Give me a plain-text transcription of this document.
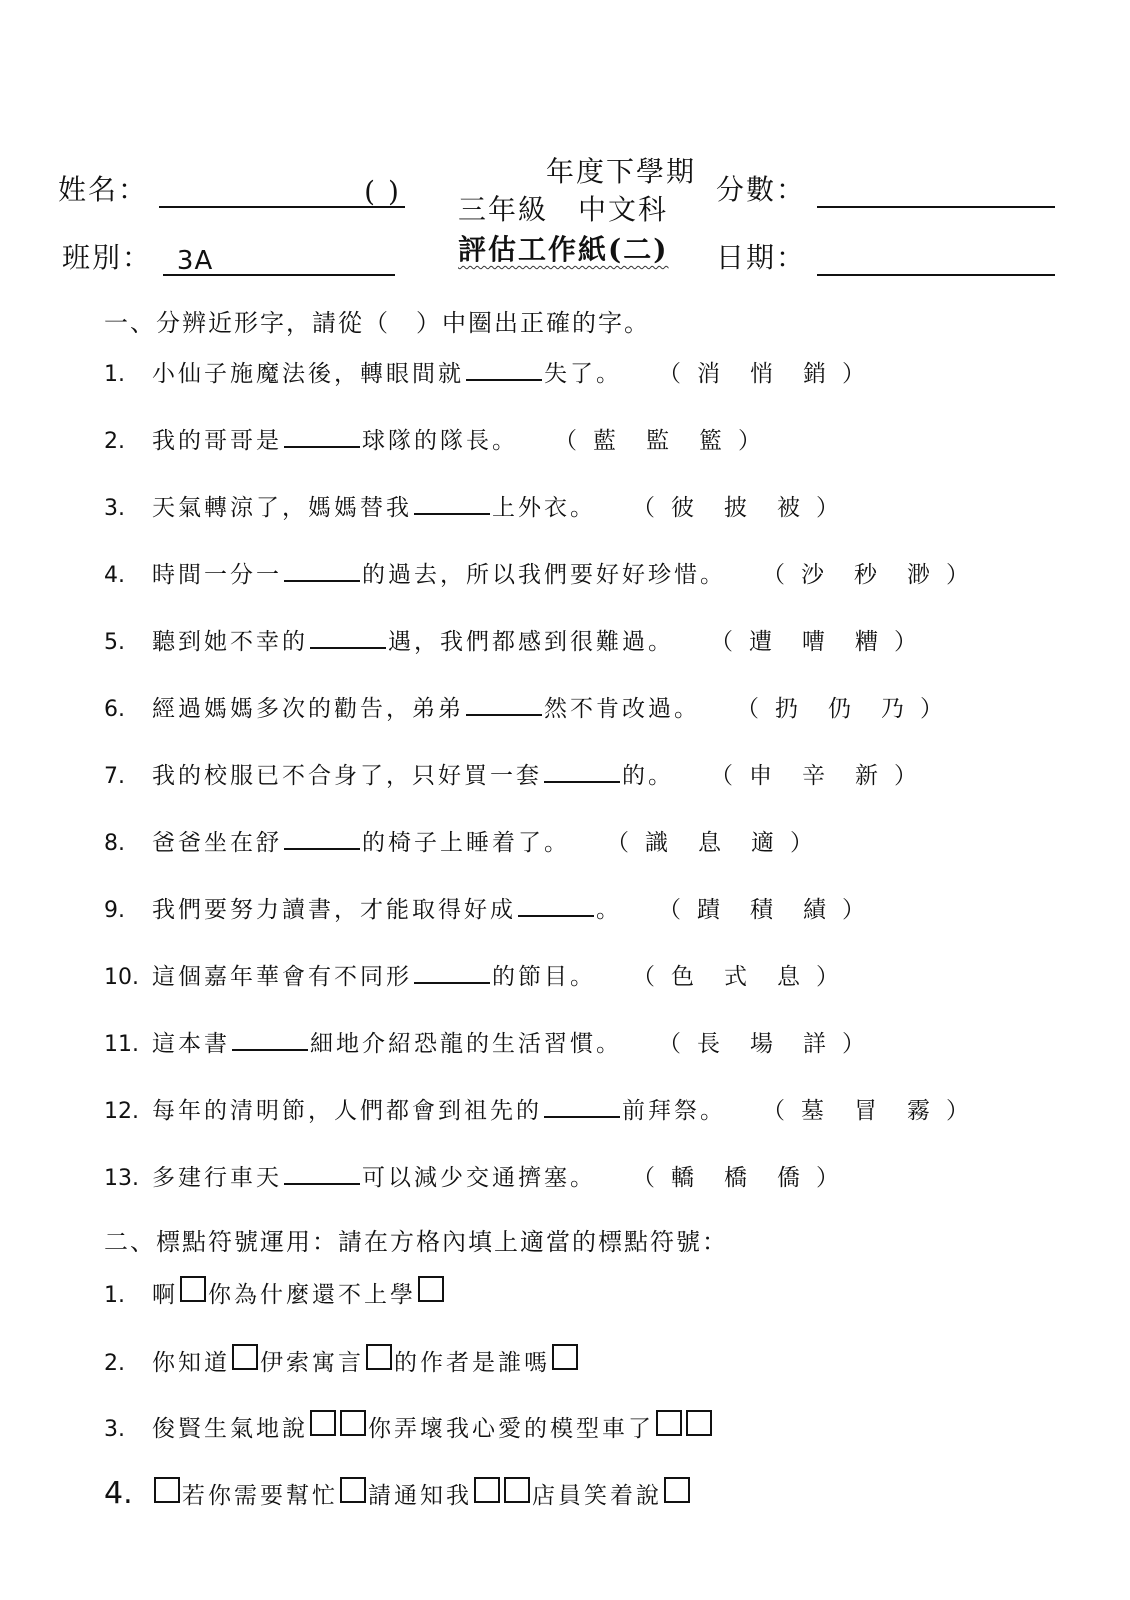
姓名：	( )
班別： 3A
年度下學期
三年級　中文科
評估工作紙(二)
分數：
日期：
一、分辨近形字，請從（　）中圈出正確的字。
1.	小仙子施魔法後，轉眼間就	失了。 （ 消 悄 銷 ）
2.	我的哥哥是	球隊的隊長。 （ 藍 監 籃 ）
3.	天氣轉涼了，媽媽替我	上外衣。 （ 彼 披 被 ）
4.	時間一分一	的過去，所以我們要好好珍惜。 （ 沙 秒 渺 ）
5.	聽到她不幸的	遇，我們都感到很難過。 （ 遭 嘈 糟 ）
6.	經過媽媽多次的勸告，弟弟	然不肯改過。 （ 扔 仍 乃 ）
7.	我的校服已不合身了，只好買一套	的。 （ 申 辛 新 ）
8.	爸爸坐在舒	的椅子上睡着了。 （ 識 息 適 ）
9.	我們要努力讀書，才能取得好成	。 （ 蹟 積 績 ）
10. 這個嘉年華會有不同形	的節目。 （ 色 式 息 ）
11. 這本書	細地介紹恐龍的生活習慣。 （ 長 場 詳 ）
12. 每年的清明節，人們都會到祖先的	前拜祭。 （ 墓 冒 霧 ）
13. 多建行車天	可以減少交通擠塞。 （ 轎 橋 僑 ）
二、標點符號運用：請在方格內填上適當的標點符號：
1.	啊 你為什麼還不上學
2.	你知道 伊索寓言 的作者是誰嗎
3.	俊賢生氣地說	你弄壞我心愛的模型車了
4.	若你需要幫忙 請通知我	店員笑着說
